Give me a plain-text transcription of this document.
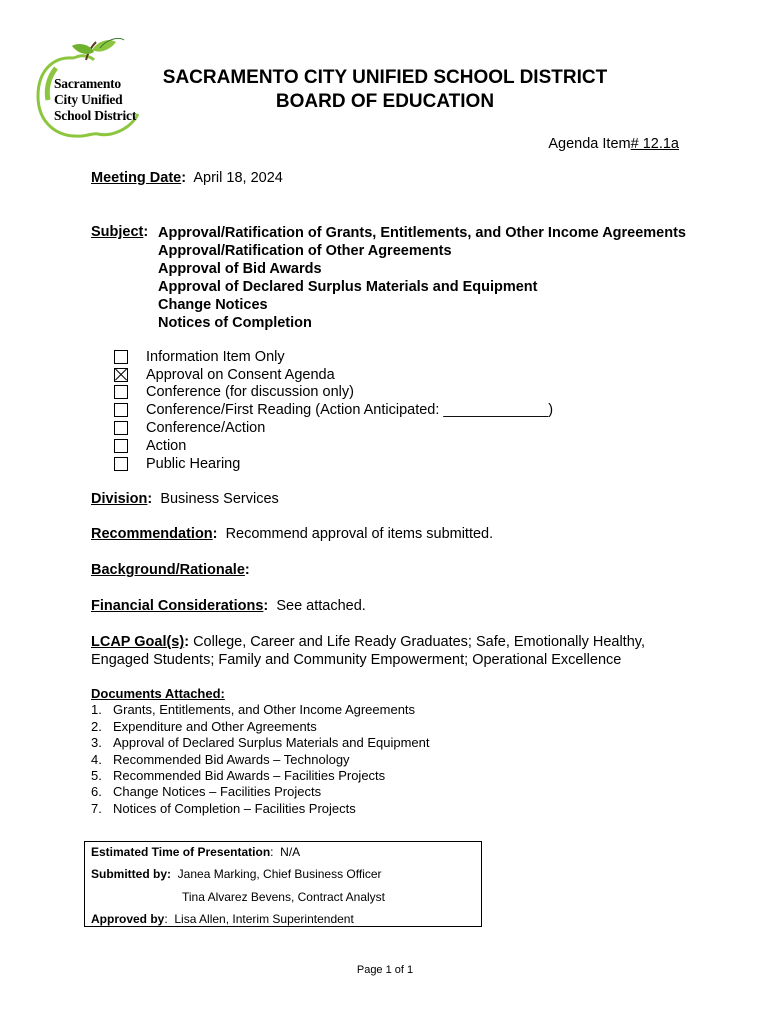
Sacramento
City Unified
School District
SACRAMENTO CITY UNIFIED SCHOOL DISTRICT
BOARD OF EDUCATION
Agenda Item# 12.1a
Meeting Date: April 18, 2024
Subject: Approval/Ratification of Grants, Entitlements, and Other Income Agreements
Approval/Ratification of Other Agreements
Approval of Bid Awards
Approval of Declared Surplus Materials and Equipment
Change Notices
Notices of Completion
Information Item Only
Approval on Consent Agenda
Conference (for discussion only)
Conference/First Reading (Action Anticipated: _____________)
Conference/Action
Action
Public Hearing
Division: Business Services
Recommendation: Recommend approval of items submitted.
Background/Rationale:
Financial Considerations: See attached.
LCAP Goal(s): College, Career and Life Ready Graduates; Safe, Emotionally Healthy,
Engaged Students; Family and Community Empowerment; Operational Excellence
Documents Attached:
1. Grants, Entitlements, and Other Income Agreements
2. Expenditure and Other Agreements
3. Approval of Declared Surplus Materials and Equipment
4. Recommended Bid Awards – Technology
5. Recommended Bid Awards – Facilities Projects
6. Change Notices – Facilities Projects
7. Notices of Completion – Facilities Projects
Estimated Time of Presentation:  N/A
Submitted by: Janea Marking, Chief Business Officer
Tina Alvarez Bevens, Contract Analyst
Approved by:  Lisa Allen, Interim Superintendent
Page 1 of 1
